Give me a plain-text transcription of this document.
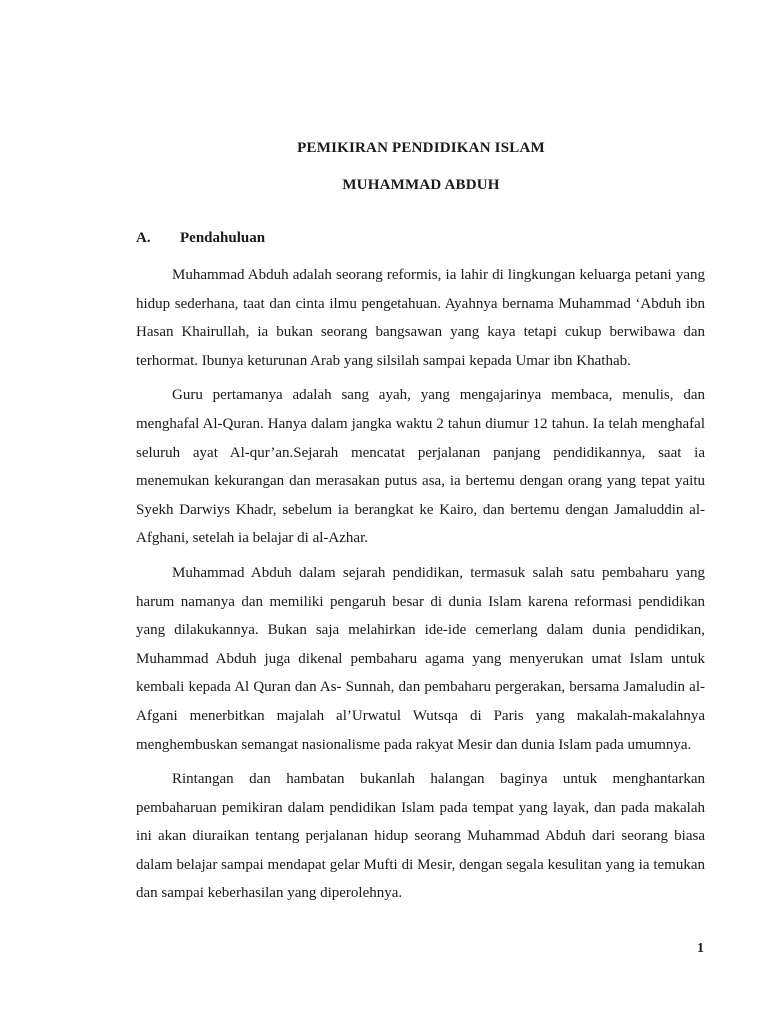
PEMIKIRAN PENDIDIKAN ISLAM
MUHAMMAD ABDUH
A. Pendahuluan

Muhammad Abduh adalah seorang reformis, ia lahir di lingkungan keluarga petani yang hidup sederhana, taat dan cinta ilmu pengetahuan. Ayahnya bernama Muhammad ‘Abduh ibn Hasan Khairullah, ia bukan seorang bangsawan yang kaya tetapi cukup berwibawa dan terhormat. Ibunya keturunan Arab yang silsilah sampai kepada Umar ibn Khathab.

Guru pertamanya adalah sang ayah, yang mengajarinya membaca, menulis, dan menghafal Al-Quran. Hanya dalam jangka waktu 2 tahun diumur 12 tahun. Ia telah menghafal seluruh ayat Al-qur’an.Sejarah mencatat perjalanan panjang pendidikannya, saat ia menemukan kekurangan dan merasakan putus asa, ia bertemu dengan orang yang tepat yaitu Syekh Darwiys Khadr, sebelum ia berangkat ke Kairo, dan bertemu dengan Jamaluddin al-Afghani, setelah ia belajar di al-Azhar.

Muhammad Abduh dalam sejarah pendidikan, termasuk salah satu pembaharu yang harum namanya dan memiliki pengaruh besar di dunia Islam karena reformasi pendidikan yang dilakukannya. Bukan saja melahirkan ide-ide cemerlang dalam dunia pendidikan, Muhammad Abduh juga dikenal pembaharu agama yang menyerukan umat Islam untuk kembali kepada Al Quran dan As- Sunnah, dan pembaharu pergerakan, bersama Jamaludin al-Afgani menerbitkan majalah al’Urwatul Wutsqa di Paris yang makalah-makalahnya menghembuskan semangat nasionalisme pada rakyat Mesir dan dunia Islam pada umumnya.

Rintangan dan hambatan bukanlah halangan baginya untuk menghantarkan pembaharuan pemikiran dalam pendidikan Islam pada tempat yang layak, dan pada makalah ini akan diuraikan tentang perjalanan hidup seorang Muhammad Abduh dari seorang biasa dalam belajar sampai mendapat gelar Mufti di Mesir, dengan segala kesulitan yang ia temukan dan sampai keberhasilan yang diperolehnya.

1
